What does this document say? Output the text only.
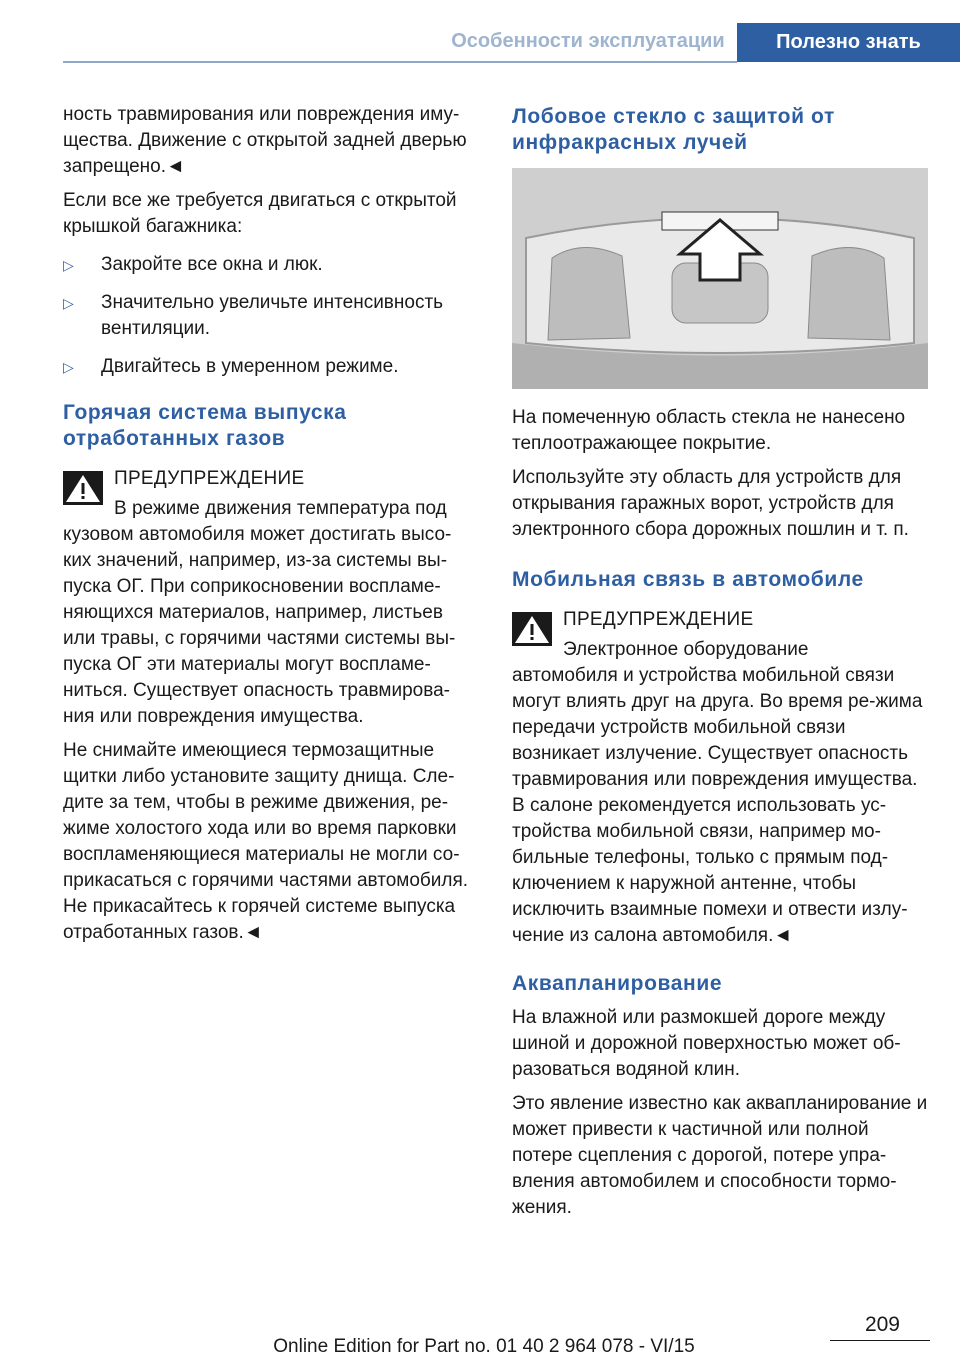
Особенности эксплуатации	Полезно знать

ность травмирования или повреждения иму-щества. Движение с открытой задней дверью запрещено.◄

Если все же требуется двигаться с открытой крышкой багажника:

▷ Закройте все окна и люк.
▷ Значительно увеличьте интенсивность вентиляции.
▷ Двигайтесь в умеренном режиме.
Горячая система выпуска отработанных газов
ПРЕДУПРЕЖДЕНИЕ
В режиме движения температура под

кузовом автомобиля может достигать высо-ких значений, например, из-за системы вы-пуска ОГ. При соприкосновении воспламе-няющихся материалов, например, листьев или травы, с горячими частями системы вы-пуска ОГ эти материалы могут воспламе-ниться. Существует опасность травмирова-ния или повреждения имущества.

Не снимайте имеющиеся термозащитные щитки либо установите защиту днища. Сле-дите за тем, чтобы в режиме движения, ре-жиме холостого хода или во время парковки воспламеняющиеся материалы не могли со-прикасаться с горячими частями автомобиля. Не прикасайтесь к горячей системе выпуска отработанных газов.◄

Лобовое стекло с защитой от инфракрасных лучей

На помеченную область стекла не нанесено теплоотражающее покрытие.

Используйте эту область для устройств для открывания гаражных ворот, устройств для электронного сбора дорожных пошлин и т. п.

Мобильная связь в автомобиле
ПРЕДУПРЕЖДЕНИЕ
Электронное оборудование

автомобиля и устройства мобильной связи могут влиять друг на друга. Во время ре-жима передачи устройств мобильной связи возникает излучение. Существует опасность травмирования или повреждения имущества. В салоне рекомендуется использовать ус-тройства мобильной связи, например мо-бильные телефоны, только с прямым под-ключением к наружной антенне, чтобы исключить взаимные помехи и отвести излу-чение из салона автомобиля.◄

Аквапланирование

На влажной или размокшей дороге между шиной и дорожной поверхностью может об-разоваться водяной клин.

Это явление известно как аквапланирование и может привести к частичной или полной потере сцепления с дорогой, потере упра-вления автомобилем и способности тормо-жения.

209
Online Edition for Part no. 01 40 2 964 078 - VI/15
